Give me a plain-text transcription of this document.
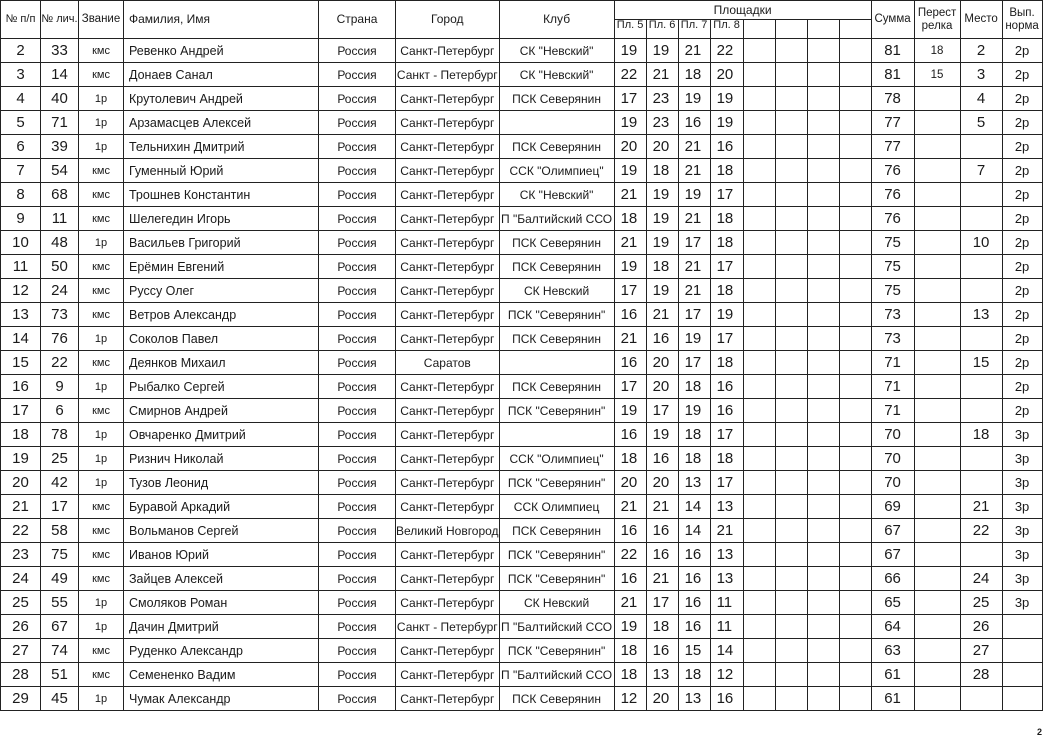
№ п/п	№ лич.	Звание	Фамилия, Имя	Страна	Город	Клуб	Площадки								Сумма	Перест релка	Место	Вып. норма
							Пл. 5	Пл. 6	Пл. 7	Пл. 8								
2	33	кмс	Ревенко Андрей	Россия	Санкт-Петербург	СК "Невский"	19	19	21	22					81	18	2	2р
3	14	кмс	Донаев Санал	Россия	Санкт - Петербург	СК "Невский"	22	21	18	20					81	15	3	2р
4	40	1р	Крутолевич Андрей	Россия	Санкт-Петербург	ПСК Северянин	17	23	19	19					78		4	2р
5	71	1р	Арзамасцев Алексей	Россия	Санкт-Петербург		19	23	16	19					77		5	2р
6	39	1р	Тельнихин Дмитрий	Россия	Санкт-Петербург	ПСК Северянин	20	20	21	16					77			2р
7	54	кмс	Гуменный Юрий	Россия	Санкт-Петербург	ССК "Олимпиец"	19	18	21	18					76		7	2р
8	68	кмс	Трошнев Константин	Россия	Санкт-Петербург	СК "Невский"	21	19	19	17					76			2р
9	11	кмс	Шелегедин Игорь	Россия	Санкт-Петербург	П "Балтийский ССО	18	19	21	18					76			2р
10	48	1р	Васильев Григорий	Россия	Санкт-Петербург	ПСК Северянин	21	19	17	18					75		10	2р
11	50	кмс	Ерёмин Евгений	Россия	Санкт-Петербург	ПСК Северянин	19	18	21	17					75			2р
12	24	кмс	Руссу Олег	Россия	Санкт-Петербург	СК Невский	17	19	21	18					75			2р
13	73	кмс	Ветров Александр	Россия	Санкт-Петербург	ПСК "Северянин"	16	21	17	19					73		13	2р
14	76	1р	Соколов Павел	Россия	Санкт-Петербург	ПСК Северянин	21	16	19	17					73			2р
15	22	кмс	Деянков Михаил	Россия	Саратов		16	20	17	18					71		15	2р
16	9	1р	Рыбалко Сергей	Россия	Санкт-Петербург	ПСК Северянин	17	20	18	16					71			2р
17	6	кмс	Смирнов Андрей	Россия	Санкт-Петербург	ПСК "Северянин"	19	17	19	16					71			2р
18	78	1р	Овчаренко Дмитрий	Россия	Санкт-Петербург		16	19	18	17					70		18	3р
19	25	1р	Ризнич Николай	Россия	Санкт-Петербург	ССК "Олимпиец"	18	16	18	18					70			3р
20	42	1р	Тузов Леонид	Россия	Санкт-Петербург	ПСК "Северянин"	20	20	13	17					70			3р
21	17	кмс	Буравой Аркадий	Россия	Санкт-Петербург	ССК Олимпиец	21	21	14	13					69		21	3р
22	58	кмс	Вольманов Сергей	Россия	Великий Новгород	ПСК Северянин	16	16	14	21					67		22	3р
23	75	кмс	Иванов Юрий	Россия	Санкт-Петербург	ПСК "Северянин"	22	16	16	13					67			3р
24	49	кмс	Зайцев Алексей	Россия	Санкт-Петербург	ПСК "Северянин"	16	21	16	13					66		24	3р
25	55	1р	Смоляков Роман	Россия	Санкт-Петербург	СК Невский	21	17	16	11					65		25	3р
26	67	1р	Дачин Дмитрий	Россия	Санкт - Петербург	П "Балтийский ССО	19	18	16	11					64		26	
27	74	кмс	Руденко Александр	Россия	Санкт-Петербург	ПСК "Северянин"	18	16	15	14					63		27	
28	51	кмс	Семененко Вадим	Россия	Санкт-Петербург	П "Балтийский ССО	18	13	18	12					61		28	
29	45	1р	Чумак Александр	Россия	Санкт-Петербург	ПСК Северянин	12	20	13	16					61			
2
